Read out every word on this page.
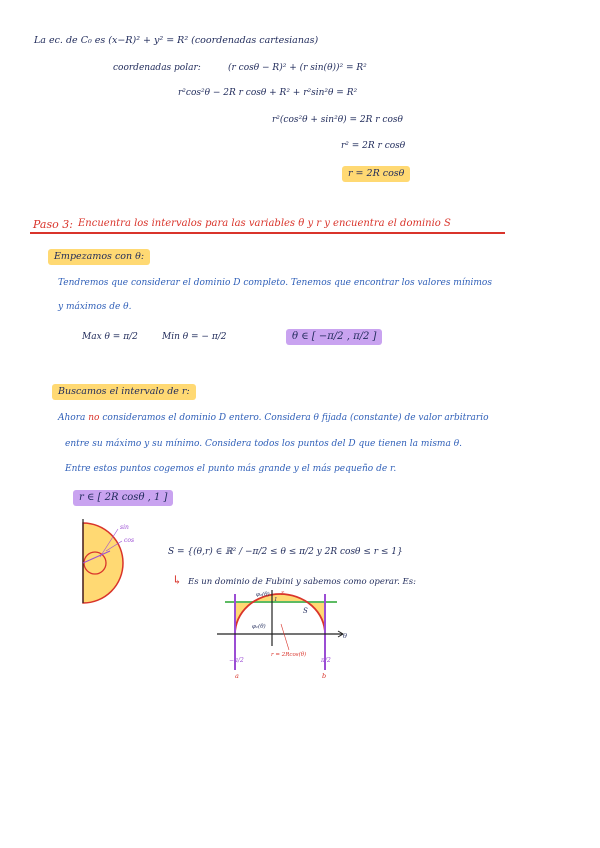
La ec. de C₀ es (x−R)² + y² = R² (coordenadas cartesianas)
coordenadas polar:	(r cosθ − R)² + (r sin(θ))² = R²
r²cos²θ − 2R r cosθ + R² + r²sin²θ = R²
r²(cos²θ + sin²θ) = 2R r cosθ
r² = 2R r cosθ
r = 2R cosθ
Paso 3: Encuentra los intervalos para las variables θ y r y encuentra el dominio S
Empezamos con θ:
Tendremos que considerar el dominio D completo. Tenemos que encontrar los valores mínimos
y máximos de θ.
Max θ = π/2	Min θ = − π/2	θ ∈ [ −π/2 , π/2 ]
Buscamos el intervalo de r:
Ahora no consideramos el dominio D entero. Considera θ fijada (constante) de valor arbitrario
entre su máximo y su mínimo. Considera todos los puntos del D que tienen la misma θ.
Entre estos puntos cogemos el punto más grande y el más pequeño de r.
r ∈ [ 2R cosθ , 1 ]
sin
cos
S = {(θ,r) ∈ ℝ² / −π/2 ≤ θ ≤ π/2 y 2R cosθ ≤ r ≤ 1}
↳ Es un dominio de Fubini y sabemos como operar. Es:
φ₂(θ) r
1
S
φ₁(θ)
θ
−π/2	π/2
r = 2Rcos(θ)
a	b
